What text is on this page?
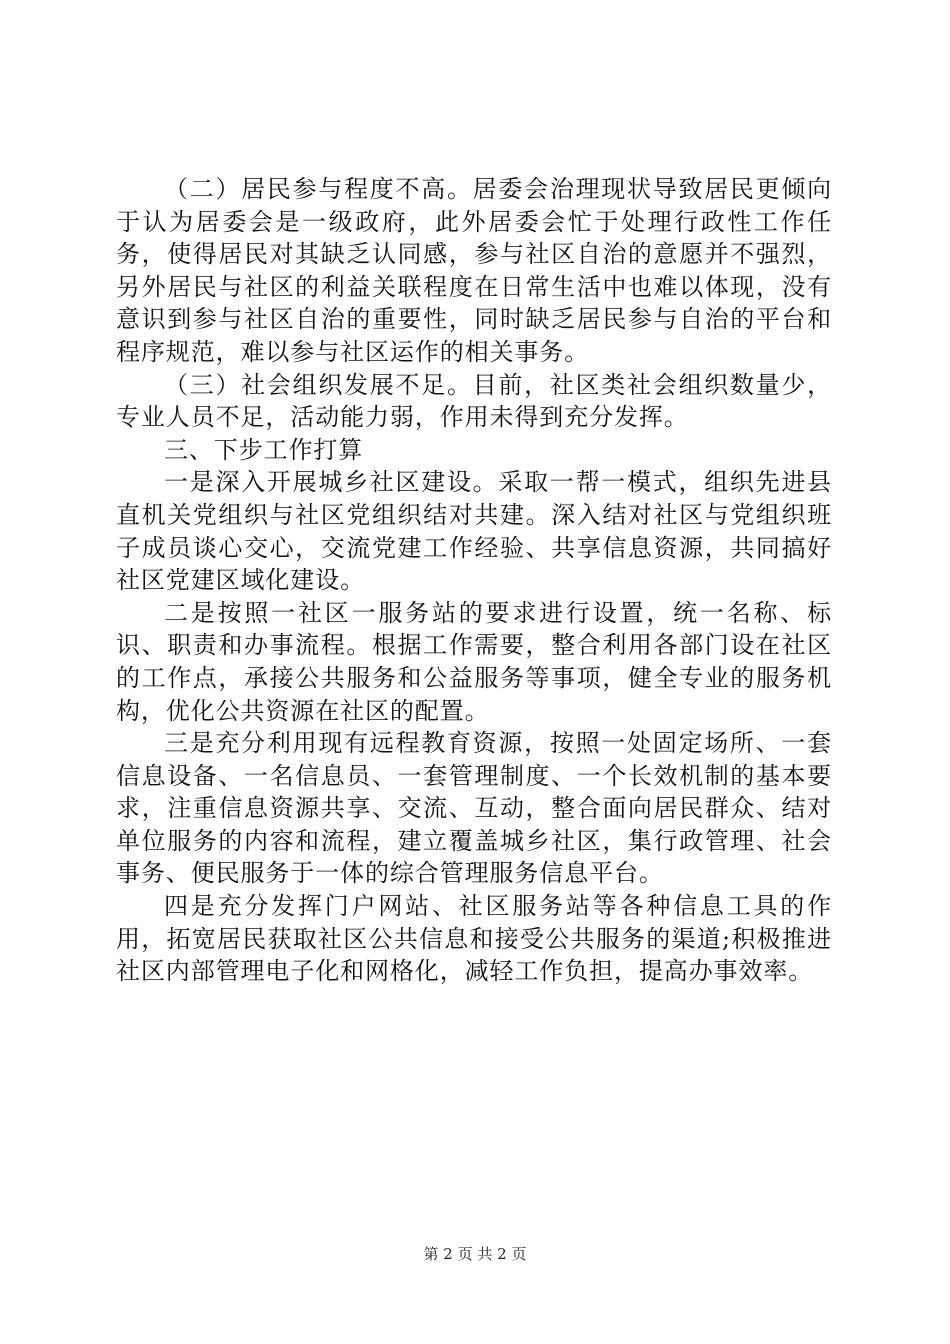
（二）居民参与程度不高。居委会治理现状导致居民更倾向于认为居委会是一级政府，此外居委会忙于处理行政性工作任务，使得居民对其缺乏认同感，参与社区自治的意愿并不强烈，另外居民与社区的利益关联程度在日常生活中也难以体现，没有意识到参与社区自治的重要性，同时缺乏居民参与自治的平台和程序规范，难以参与社区运作的相关事务。

（三）社会组织发展不足。目前，社区类社会组织数量少，专业人员不足，活动能力弱，作用未得到充分发挥。

三、下步工作打算

一是深入开展城乡社区建设。采取一帮一模式，组织先进县直机关党组织与社区党组织结对共建。深入结对社区与党组织班子成员谈心交心，交流党建工作经验、共享信息资源，共同搞好社区党建区域化建设。

二是按照一社区一服务站的要求进行设置，统一名称、标识、职责和办事流程。根据工作需要，整合利用各部门设在社区的工作点，承接公共服务和公益服务等事项，健全专业的服务机构，优化公共资源在社区的配置。

三是充分利用现有远程教育资源，按照一处固定场所、一套信息设备、一名信息员、一套管理制度、一个长效机制的基本要求，注重信息资源共享、交流、互动，整合面向居民群众、结对单位服务的内容和流程，建立覆盖城乡社区，集行政管理、社会事务、便民服务于一体的综合管理服务信息平台。

四是充分发挥门户网站、社区服务站等各种信息工具的作用，拓宽居民获取社区公共信息和接受公共服务的渠道;积极推进社区内部管理电子化和网格化，减轻工作负担，提高办事效率。

第 2 页 共 2 页
